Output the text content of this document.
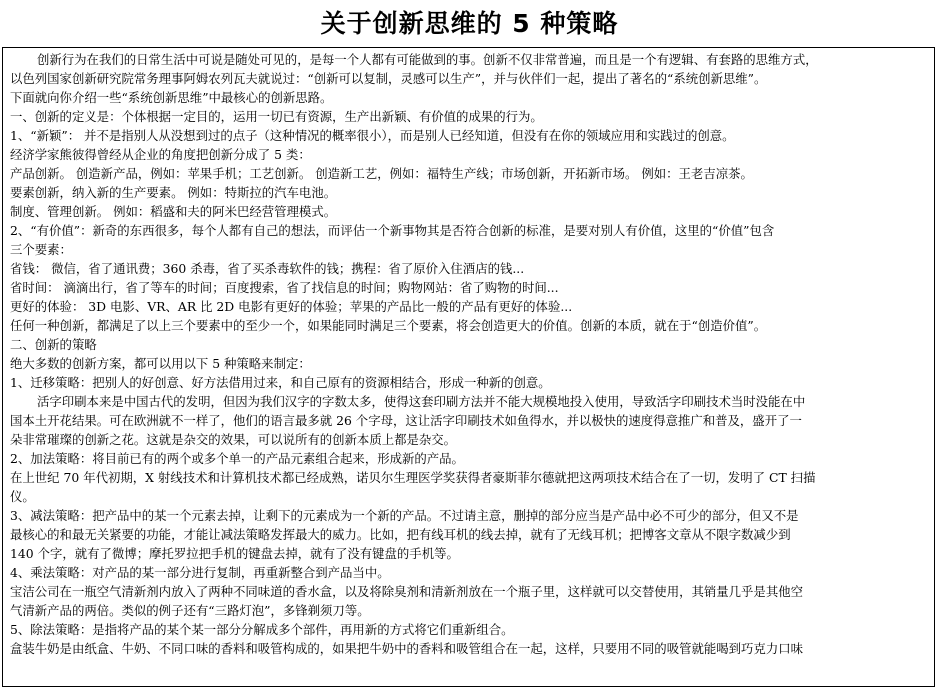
关于创新思维的 5 种策略
创新行为在我们的日常生活中可说是随处可见的，是每一个人都有可能做到的事。创新不仅非常普遍，而且是一个有逻辑、有套路的思维方式，
以色列国家创新研究院常务理事阿姆农列瓦夫就说过：“创新可以复制，灵感可以生产”，并与伙伴们一起，提出了著名的“系统创新思维”。
下面就向你介绍一些“系统创新思维”中最核心的创新思路。
一、创新的定义是：个体根据一定目的，运用一切已有资源，生产出新颖、有价值的成果的行为。
1、“新颖”： 并不是指别人从没想到过的点子（这种情况的概率很小），而是别人已经知道，但没有在你的领域应用和实践过的创意。
经济学家熊彼得曾经从企业的角度把创新分成了 5 类：
产品创新。 创造新产品，例如：苹果手机；工艺创新。 创造新工艺，例如：福特生产线；市场创新，开拓新市场。 例如：王老吉凉茶。
要素创新，纳入新的生产要素。 例如：特斯拉的汽车电池。
制度、管理创新。 例如：稻盛和夫的阿米巴经营管理模式。
2、“有价值”：新奇的东西很多，每个人都有自己的想法，而评估一个新事物其是否符合创新的标准，是要对别人有价值，这里的“价值”包含
三个要素：
省钱： 微信，省了通讯费；360 杀毒，省了买杀毒软件的钱；携程：省了原价入住酒店的钱...
省时间： 滴滴出行，省了等车的时间；百度搜索，省了找信息的时间；购物网站：省了购物的时间...
更好的体验： 3D 电影、VR、AR 比 2D 电影有更好的体验；苹果的产品比一般的产品有更好的体验...
任何一种创新，都满足了以上三个要素中的至少一个，如果能同时满足三个要素，将会创造更大的价值。创新的本质，就在于“创造价值”。
二、创新的策略
绝大多数的创新方案，都可以用以下 5 种策略来制定：
1、迁移策略：把别人的好创意、好方法借用过来，和自己原有的资源相结合，形成一种新的创意。
活字印刷本来是中国古代的发明，但因为我们汉字的字数太多，使得这套印刷方法并不能大规模地投入使用，导致活字印刷技术当时没能在中
国本土开花结果。可在欧洲就不一样了，他们的语言最多就 26 个字母，这让活字印刷技术如鱼得水，并以极快的速度得意推广和普及，盛开了一
朵非常璀璨的创新之花。这就是杂交的效果，可以说所有的创新本质上都是杂交。
2、加法策略：将目前已有的两个或多个单一的产品元素组合起来，形成新的产品。
在上世纪 70 年代初期，X 射线技术和计算机技术都已经成熟，诺贝尔生理医学奖获得者豪斯菲尔德就把这两项技术结合在了一切，发明了 CT 扫描
仪。
3、减法策略：把产品中的某一个元素去掉，让剩下的元素成为一个新的产品。不过请主意，删掉的部分应当是产品中必不可少的部分，但又不是
最核心的和最无关紧要的功能，才能让减法策略发挥最大的威力。比如，把有线耳机的线去掉，就有了无线耳机；把博客文章从不限字数减少到
140 个字，就有了微博；摩托罗拉把手机的键盘去掉，就有了没有键盘的手机等。
4、乘法策略：对产品的某一部分进行复制，再重新整合到产品当中。
宝洁公司在一瓶空气清新剂内放入了两种不同味道的香水盒，以及将除臭剂和清新剂放在一个瓶子里，这样就可以交替使用，其销量几乎是其他空
气清新产品的两倍。类似的例子还有“三路灯泡”，多锋剃须刀等。
5、除法策略：是指将产品的某个某一部分分解成多个部件，再用新的方式将它们重新组合。
盒装牛奶是由纸盒、牛奶、不同口味的香料和吸管构成的，如果把牛奶中的香料和吸管组合在一起，这样，只要用不同的吸管就能喝到巧克力口味
